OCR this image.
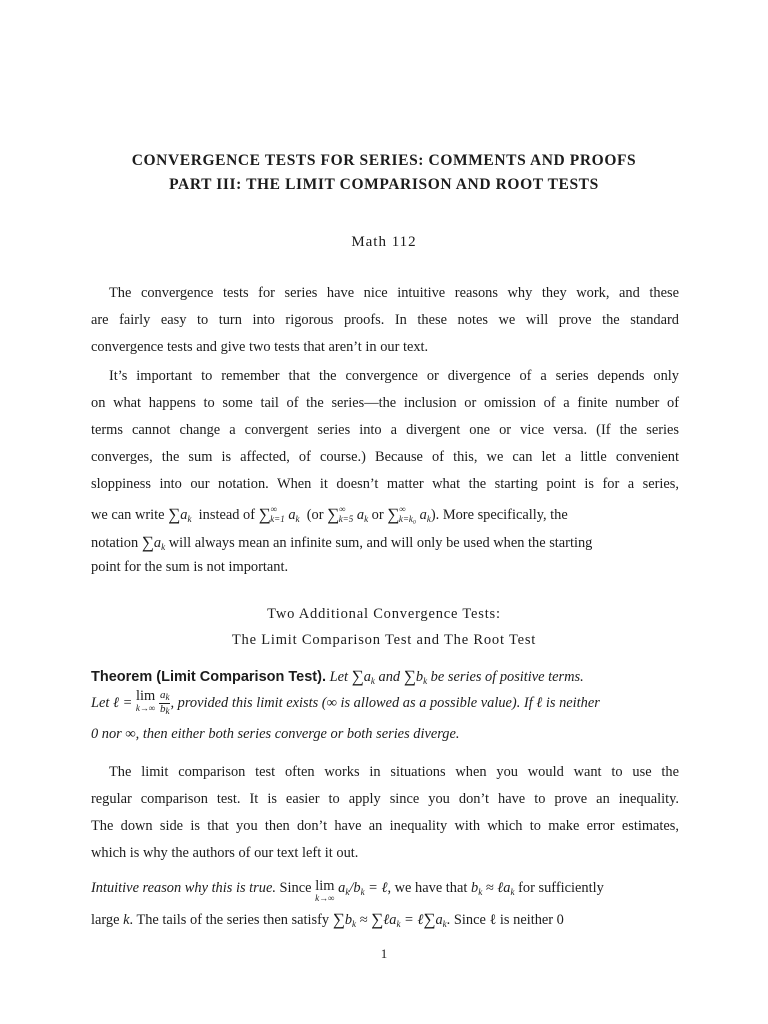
CONVERGENCE TESTS FOR SERIES: COMMENTS AND PROOFS
PART III: THE LIMIT COMPARISON AND ROOT TESTS
Math 112
The convergence tests for series have nice intuitive reasons why they work, and these
are fairly easy to turn into rigorous proofs. In these notes we will prove the standard
convergence tests and give two tests that aren’t in our text.
It’s important to remember that the convergence or divergence of a series depends only
on what happens to some tail of the series—the inclusion or omission of a finite number of
terms cannot change a convergent series into a divergent one or vice versa. (If the series
converges, the sum is affected, of course.) Because of this, we can let a little convenient
sloppiness into our notation. When it doesn’t matter what the starting point is for a series,
we can write $\sum a_k$ instead of $\sum^\infty_{k=1}$ $a_k$ (or $\sum^\infty_{k=5}$ $a_k$ or $\sum^\infty_{k=k_0}$ $a_k$). More specifically, the
notation $\sum a_k$ will always mean an infinite sum, and will only be used when the starting
point for the sum is not important.
Two Additional Convergence Tests:
The Limit Comparison Test and The Root Test
Theorem (Limit Comparison Test). Let $\sum a_k$ and $\sum b_k$ be series of positive terms.
Let ℓ = lim
k→∞
$\frac{a_k}{b_k}$ , provided this limit exists (∞ is allowed as a possible value). If ℓ is neither
0 nor ∞, then either both series converge or both series diverge.
The limit comparison test often works in situations when you would want to use the
regular comparison test. It is easier to apply since you don’t have to prove an inequality.
The down side is that you then don’t have an inequality with which to make error estimates,
which is why the authors of our text left it out.
Intuitive reason why this is true. Since lim
k→∞
$a_k/b_k$ = ℓ, we have that $b_k$ ≈ ℓa$_k$ for sufficiently
large k. The tails of the series then satisfy $\sum b_k$ ≈ ∑ℓa$_k$ = $\ell\sum a_k$. Since ℓ is neither 0
1
